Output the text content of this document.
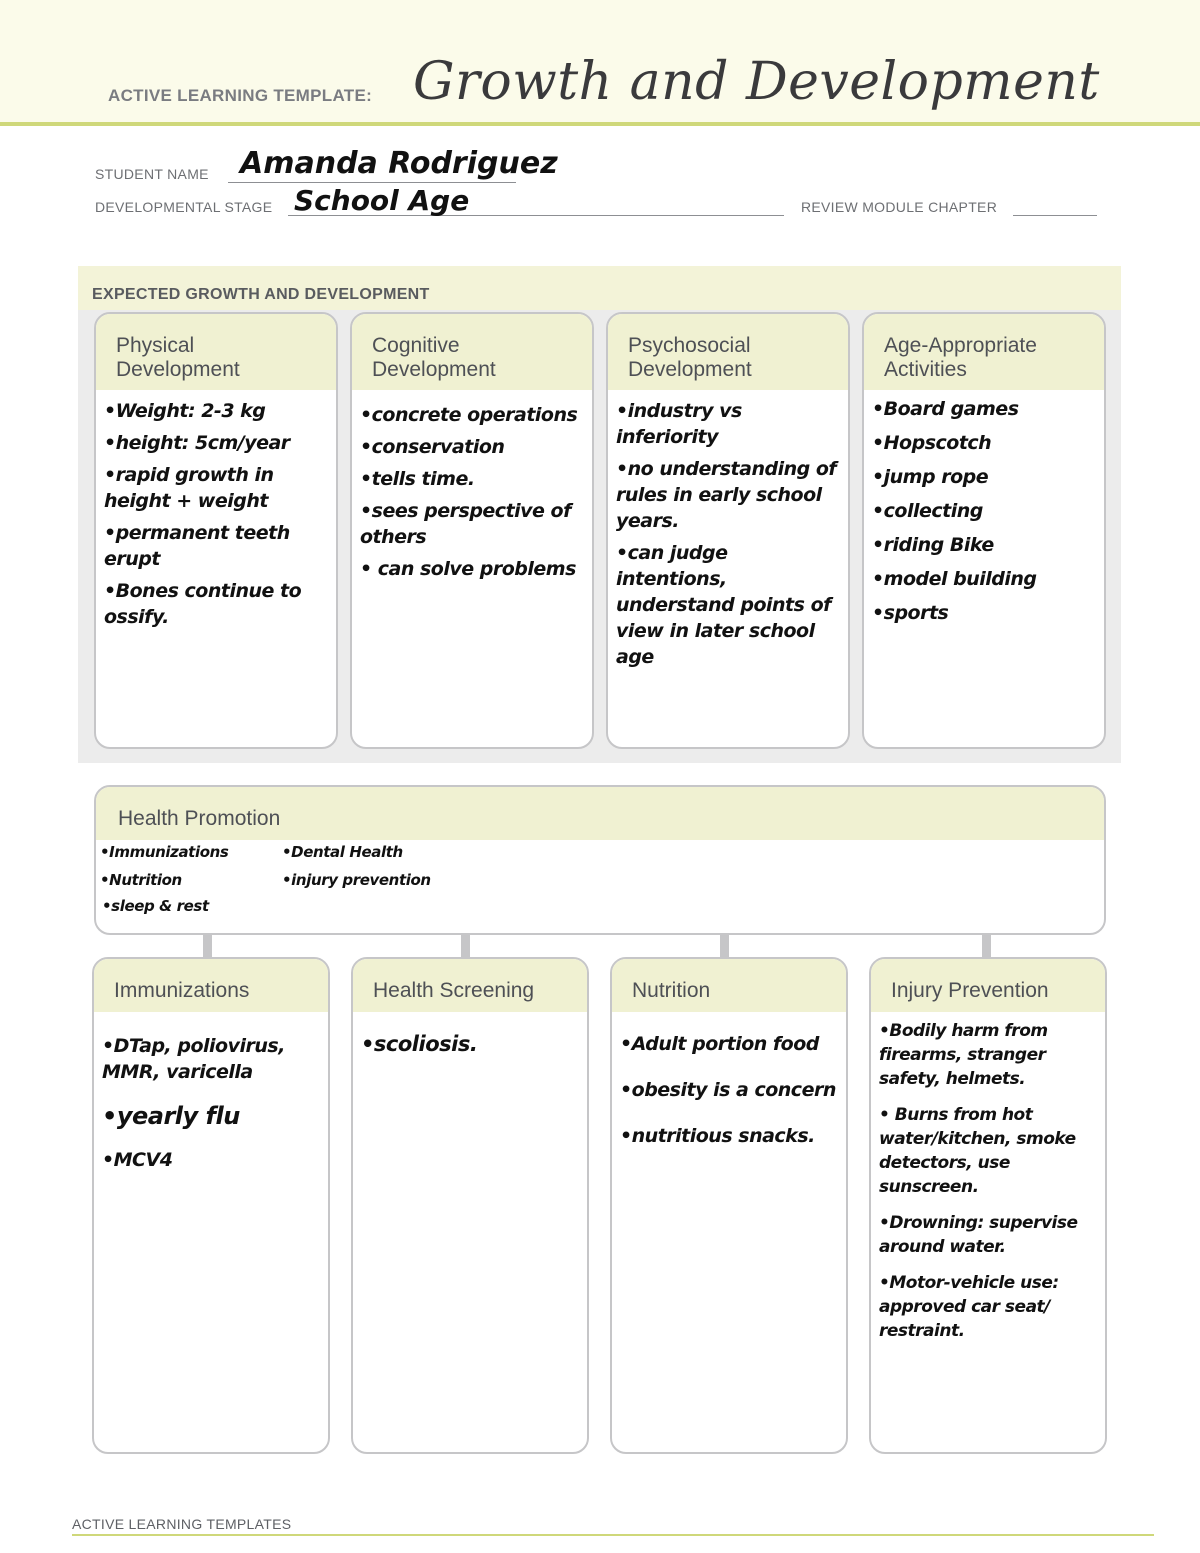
ACTIVE LEARNING TEMPLATE: Growth and Development
STUDENT NAME Amanda Rodriguez
DEVELOPMENTAL STAGE School Age	REVIEW MODULE CHAPTER
EXPECTED GROWTH AND DEVELOPMENT
Physical
Development
•Weight: 2-3 kg
•height: 5cm/year
•rapid growth in height + weight
•permanent teeth erupt
•Bones continue to ossify.
Cognitive
Development
•concrete operations
•conservation
•tells time.
•sees perspective of others
• can solve problems
Psychosocial
Development
•industry vs inferiority
•no understanding of rules in early school years.
•can judge intentions, understand points of view in later school age
Age-Appropriate
Activities
•Board games
•Hopscotch
•jump rope
•collecting
•riding Bike
•model building
•sports
Health Promotion
•Immunizations
•Nutrition
•sleep & rest
•Dental Health
•injury prevention
Immunizations
•DTap, poliovirus, MMR, varicella
•yearly flu
•MCV4
Health Screening
•scoliosis.
Nutrition
•Adult portion food
•obesity is a concern
•nutritious snacks.
Injury Prevention
•Bodily harm from firearms, stranger safety, helmets.
• Burns from hot water/kitchen, smoke detectors, use sunscreen.
•Drowning: supervise around water.
•Motor-vehicle use: approved car seat/ restraint.
ACTIVE LEARNING TEMPLATES
